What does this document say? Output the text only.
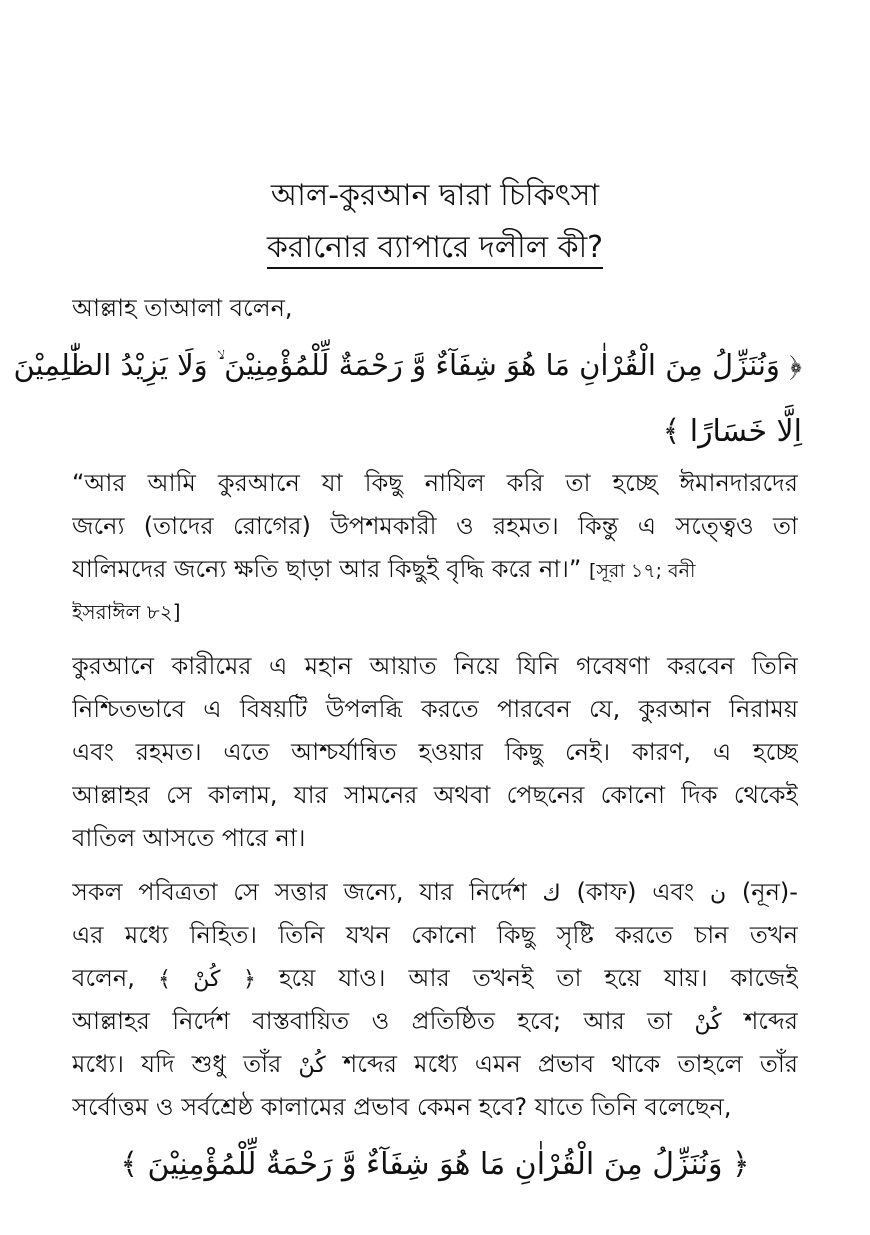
আল-কুরআন দ্বারা চিকিৎসা
করানোর ব্যাপারে দলীল কী?
আল্লাহ তাআলা বলেন,
﴿ وَنُنَزِّلُ مِنَ الْقُرْاٰنِ مَا هُوَ شِفَآءٌ وَّ رَحْمَةٌ لِّلْمُؤْمِنِيْنَ ۙ وَلَا يَزِيْدُ الظّٰلِمِيْنَ
اِلَّا خَسَارًا ﴾
“আর আমি কুরআনে যা কিছু নাযিল করি তা হচ্ছে ঈমানদারদের
জন্যে (তাদের রোগের) উপশমকারী ও রহমত। কিন্তু এ সত্ত্বেও তা
যালিমদের জন্যে ক্ষতি ছাড়া আর কিছুই বৃদ্ধি করে না।” [সূরা ১৭; বনী
ইসরাঈল ৮২]
কুরআনে কারীমের এ মহান আয়াত নিয়ে যিনি গবেষণা করবেন তিনি
নিশ্চিতভাবে এ বিষয়টি উপলব্ধি করতে পারবেন যে, কুরআন নিরাময়
এবং রহমত। এতে আশ্চর্যান্বিত হওয়ার কিছু নেই। কারণ, এ হচ্ছে
আল্লাহর সে কালাম, যার সামনের অথবা পেছনের কোনো দিক থেকেই
বাতিল আসতে পারে না।
সকল পবিত্রতা সে সত্তার জন্যে, যার নির্দেশ ك (কাফ) এবং ن (নূন)-
এর মধ্যে নিহিত। তিনি যখন কোনো কিছু সৃষ্টি করতে চান তখন
বলেন, ﴿ كُنْ ﴾ হয়ে যাও। আর তখনই তা হয়ে যায়। কাজেই
আল্লাহর নির্দেশ বাস্তবায়িত ও প্রতিষ্ঠিত হবে; আর তা كُنْ শব্দের
মধ্যে। যদি শুধু তাঁর كُنْ শব্দের মধ্যে এমন প্রভাব থাকে তাহলে তাঁর
সর্বোত্তম ও সর্বশ্রেষ্ঠ কালামের প্রভাব কেমন হবে? যাতে তিনি বলেছেন,
﴿ وَنُنَزِّلُ مِنَ الْقُرْاٰنِ مَا هُوَ شِفَآءٌ وَّ رَحْمَةٌ لِّلْمُؤْمِنِيْنَ ﴾
